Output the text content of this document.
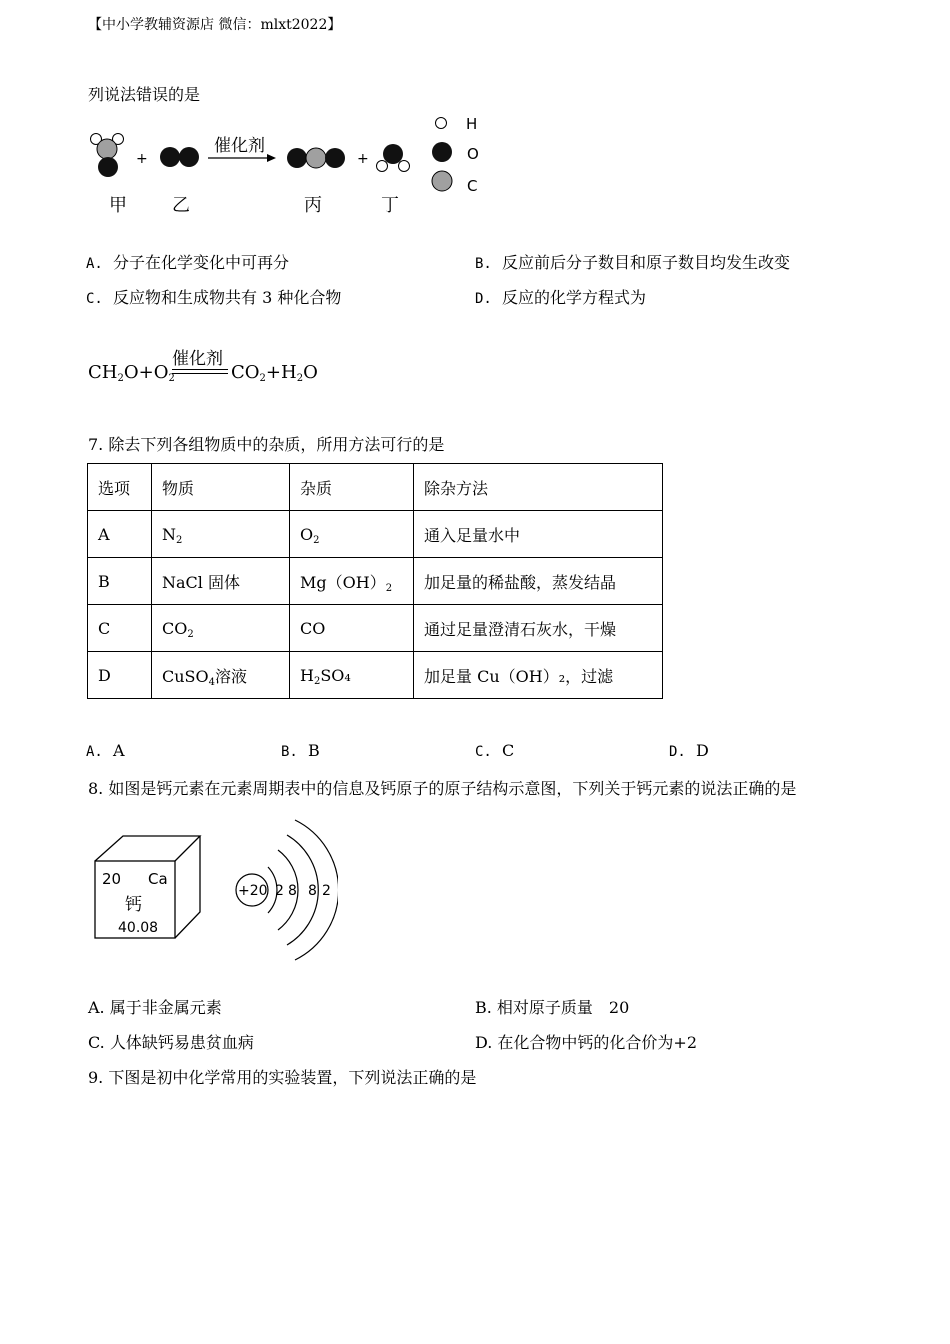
【中小学教辅资源店 微信：mlxt2022】
列说法错误的是
+
催化剂
+
H
O
C
甲	乙	丙	丁
A. 分子在化学变化中可再分	B. 反应前后分子数目和原子数目均发生改变
C. 反应物和生成物共有 3 种化合物	D. 反应的化学方程式为
$CH_2O+O_2$
催化剂
$CO_2+H_2O$
7. 除去下列各组物质中的杂质，所用方法可行的是
选项	物质	杂质	除杂方法
A	$N_2$	$O_2$	通入足量水中
B	NaCl 固体	$Mg(OH)_2$	加足量的稀盐酸，蒸发结晶
C	$CO_2$	CO	通过足量澄清石灰水，干燥
D	CuSO$_4$溶液	$H_2SO_4$	加足量 Cu（OH）₂，过滤
A. A	B. B	C. C	D. D
8. 如图是钙元素在元素周期表中的信息及钙原子的原子结构示意图，下列关于钙元素的说法正确的是
20 Ca
钙
40.08
+20 2 8 8 2
A. 属于非金属元素	B. 相对原子质量　20
C. 人体缺钙易患贫血病	D. 在化合物中钙的化合价为+2
9. 下图是初中化学常用的实验装置，下列说法正确的是
